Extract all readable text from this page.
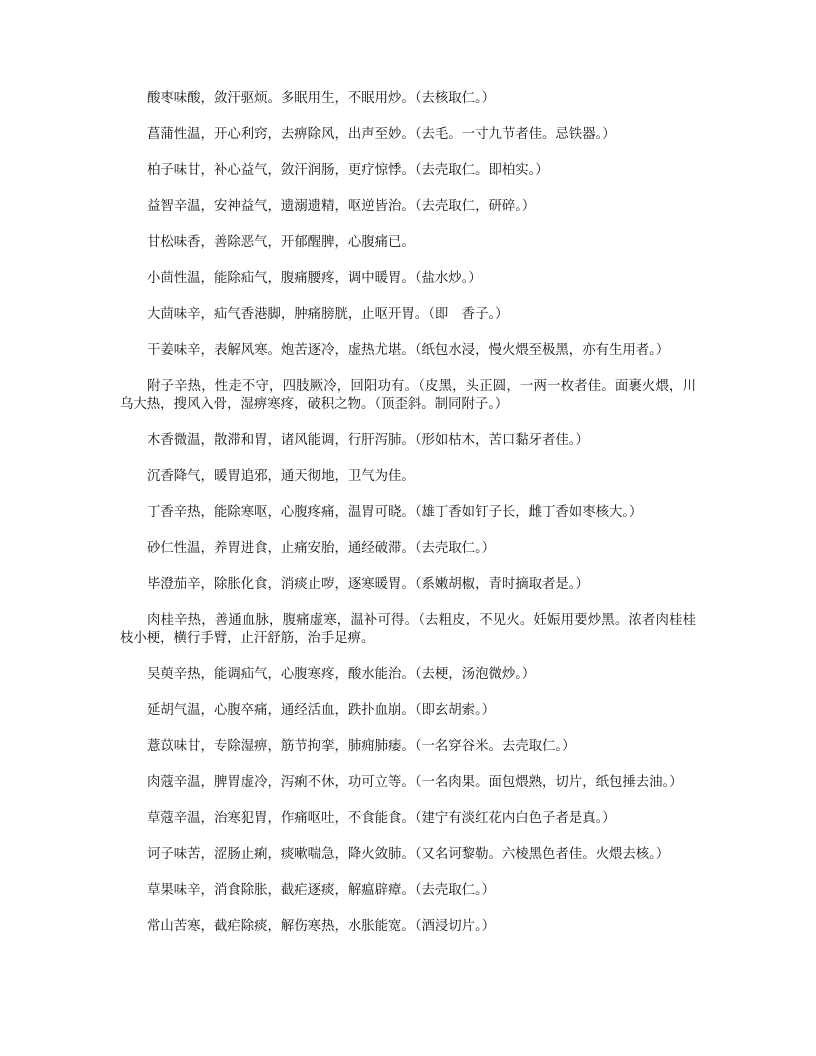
酸枣味酸，敛汗驱烦。多眠用生，不眠用炒。（去核取仁。）

菖蒲性温，开心利窍，去痹除风，出声至妙。（去毛。一寸九节者佳。忌铁器。）

柏子味甘，补心益气，敛汗润肠，更疗惊悸。（去壳取仁。即柏实。）

益智辛温，安神益气，遗溺遗精，呕逆皆治。（去壳取仁，研碎。）

甘松味香，善除恶气，开郁醒脾，心腹痛已。

小茴性温，能除疝气，腹痛腰疼，调中暖胃。（盐水炒。）

大茴味辛，疝气香港脚，肿痛膀胱，止呕开胃。（即　香子。）

干姜味辛，表解风寒。炮苦逐冷，虚热尤堪。（纸包水浸，慢火煨至极黑，亦有生用者。）

附子辛热，性走不守，四肢厥冷，回阳功有。（皮黑，头正圆，一两一枚者佳。面裹火煨，川乌大热，搜风入骨，湿痹寒疼，破积之物。（顶歪斜。制同附子。）

木香微温，散滞和胃，诸风能调，行肝泻肺。（形如枯木，苦口黏牙者佳。）

沉香降气，暖胃追邪，通天彻地，卫气为佳。

丁香辛热，能除寒呕，心腹疼痛，温胃可晓。（雄丁香如钉子长，雌丁香如枣核大。）

砂仁性温，养胃进食，止痛安胎，通经破滞。（去壳取仁。）

毕澄茄辛，除胀化食，消痰止哕，逐寒暖胃。（系嫩胡椒，青时摘取者是。）

肉桂辛热，善通血脉，腹痛虚寒，温补可得。（去粗皮，不见火。妊娠用要炒黑。浓者肉桂桂枝小梗，横行手臂，止汗舒筋，治手足痹。

吴萸辛热，能调疝气，心腹寒疼，酸水能治。（去梗，汤泡微炒。）

延胡气温，心腹卒痛，通经活血，跌扑血崩。（即玄胡索。）

薏苡味甘，专除湿痹，筋节拘挛，肺痈肺痿。（一名穿谷米。去壳取仁。）

肉蔻辛温，脾胃虚冷，泻痢不休，功可立等。（一名肉果。面包煨熟，切片，纸包捶去油。）

草蔻辛温，治寒犯胃，作痛呕吐，不食能食。（建宁有淡红花内白色子者是真。）

诃子味苦，涩肠止痢，痰嗽喘急，降火敛肺。（又名诃黎勒。六棱黑色者佳。火煨去核。）

草果味辛，消食除胀，截疟逐痰，解瘟辟瘴。（去壳取仁。）

常山苦寒，截疟除痰，解伤寒热，水胀能宽。（酒浸切片。）
